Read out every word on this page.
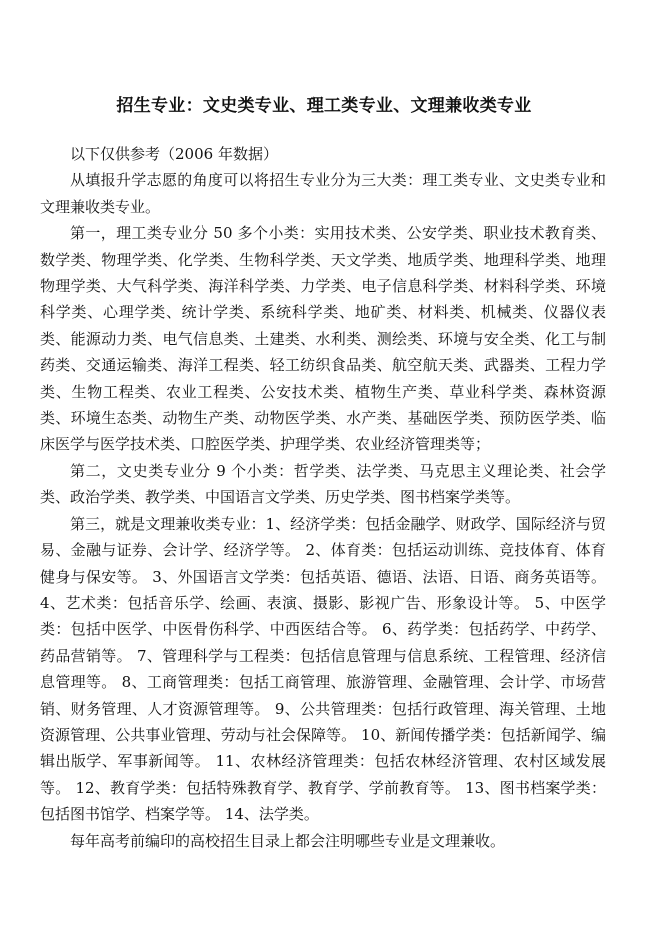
招生专业：文史类专业、理工类专业、文理兼收类专业

以下仅供参考（2006 年数据）

从填报升学志愿的角度可以将招生专业分为三大类：理工类专业、文史类专业和文理兼收类专业。

第一，理工类专业分 50 多个小类：实用技术类、公安学类、职业技术教育类、数学类、物理学类、化学类、生物科学类、天文学类、地质学类、地理科学类、地理物理学类、大气科学类、海洋科学类、力学类、电子信息科学类、材料科学类、环境科学类、心理学类、统计学类、系统科学类、地矿类、材料类、机械类、仪器仪表类、能源动力类、电气信息类、土建类、水利类、测绘类、环境与安全类、化工与制药类、交通运输类、海洋工程类、轻工纺织食品类、航空航天类、武器类、工程力学类、生物工程类、农业工程类、公安技术类、植物生产类、草业科学类、森林资源类、环境生态类、动物生产类、动物医学类、水产类、基础医学类、预防医学类、临床医学与医学技术类、口腔医学类、护理学类、农业经济管理类等；

第二，文史类专业分 9 个小类：哲学类、法学类、马克思主义理论类、社会学类、政治学类、教学类、中国语言文学类、历史学类、图书档案学类等。

第三，就是文理兼收类专业：1、经济学类：包括金融学、财政学、国际经济与贸易、金融与证券、会计学、经济学等。 2、体育类：包括运动训练、竞技体育、体育健身与保安等。 3、外国语言文学类：包括英语、德语、法语、日语、商务英语等。 4、艺术类：包括音乐学、绘画、表演、摄影、影视广告、形象设计等。 5、中医学类：包括中医学、中医骨伤科学、中西医结合等。 6、药学类：包括药学、中药学、药品营销等。 7、管理科学与工程类：包括信息管理与信息系统、工程管理、经济信息管理等。 8、工商管理类：包括工商管理、旅游管理、金融管理、会计学、市场营销、财务管理、人才资源管理等。 9、公共管理类：包括行政管理、海关管理、土地资源管理、公共事业管理、劳动与社会保障等。 10、新闻传播学类：包括新闻学、编辑出版学、军事新闻等。 11、农林经济管理类：包括农林经济管理、农村区域发展等。 12、教育学类：包括特殊教育学、教育学、学前教育等。 13、图书档案学类：包括图书馆学、档案学等。 14、法学类。

每年高考前编印的高校招生目录上都会注明哪些专业是文理兼收。
